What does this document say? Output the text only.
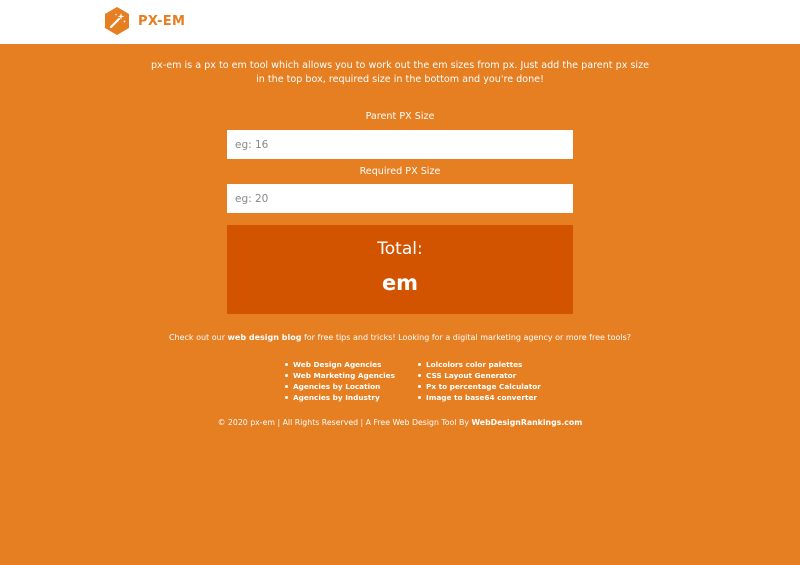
PX-EM
px-em is a px to em tool which allows you to work out the em sizes from px. Just add the parent px size
in the top box, required size in the bottom and you're done!
Parent PX Size
eg: 16
Required PX Size
eg: 20
Total:
em
Check out our web design blog for free tips and tricks! Looking for a digital marketing agency or more free tools?
Web Design Agencies
Web Marketing Agencies
Agencies by Location
Agencies by Industry
Lolcolors color palettes
CSS Layout Generator
Px to percentage Calculator
Image to base64 converter
© 2020 px-em | All Rights Reserved | A Free Web Design Tool By WebDesignRankings.com
